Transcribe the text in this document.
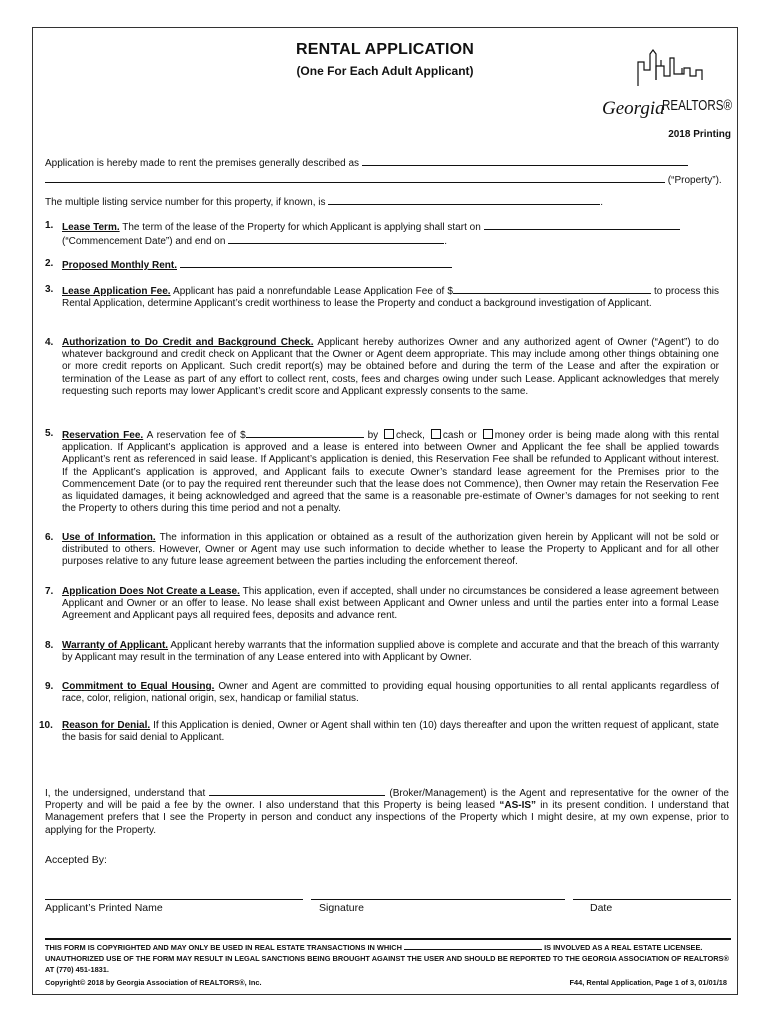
RENTAL APPLICATION
(One For Each Adult Applicant)
Georgia
REALTORS®
2018 Printing
Application is hereby made to rent the premises generally described as
(“Property”).
The multiple listing service number for this property, if known, is	.
1. Lease Term. The term of the lease of the Property for which Applicant is applying shall start on
(“Commencement Date”) and end on	.
2. Proposed Monthly Rent.
3. Lease Application Fee. Applicant has paid a nonrefundable Lease Application Fee of $	to process this Rental Application, determine Applicant’s credit worthiness to lease the Property and conduct a background investigation of Applicant.
4. Authorization to Do Credit and Background Check. Applicant hereby authorizes Owner and any authorized agent of Owner (“Agent”) to do whatever background and credit check on Applicant that the Owner or Agent deem appropriate. This may include among other things obtaining one or more credit reports on Applicant. Such credit report(s) may be obtained before and during the term of the Lease and after the expiration or termination of the Lease as part of any effort to collect rent, costs, fees and charges owing under such Lease. Applicant acknowledges that merely requesting such reports may lower Applicant’s credit score and Applicant expressly consents to the same.
5. Reservation Fee. A reservation fee of $	by check, cash or money order is being made along with this rental application. If Applicant’s application is approved and a lease is entered into between Owner and Applicant the fee shall be applied towards Applicant’s rent as referenced in said lease. If Applicant’s application is denied, this Reservation Fee shall be refunded to Applicant without interest. If the Applicant’s application is approved, and Applicant fails to execute Owner’s standard lease agreement for the Premises prior to the Commencement Date (or to pay the required rent thereunder such that the lease does not Commence), then Owner may retain the Reservation Fee as liquidated damages, it being acknowledged and agreed that the same is a reasonable pre-estimate of Owner’s damages for not seeking to rent the Property to others during this time period and not a penalty.
6. Use of Information. The information in this application or obtained as a result of the authorization given herein by Applicant will not be sold or distributed to others. However, Owner or Agent may use such information to decide whether to lease the Property to Applicant and for all other purposes relative to any future lease agreement between the parties including the enforcement thereof.
7. Application Does Not Create a Lease. This application, even if accepted, shall under no circumstances be considered a lease agreement between Applicant and Owner or an offer to lease. No lease shall exist between Applicant and Owner unless and until the parties enter into a formal Lease Agreement and Applicant pays all required fees, deposits and advance rent.
8. Warranty of Applicant. Applicant hereby warrants that the information supplied above is complete and accurate and that the breach of this warranty by Applicant may result in the termination of any Lease entered into with Applicant by Owner.
9. Commitment to Equal Housing. Owner and Agent are committed to providing equal housing opportunities to all rental applicants regardless of race, color, religion, national origin, sex, handicap or familial status.
10. Reason for Denial. If this Application is denied, Owner or Agent shall within ten (10) days thereafter and upon the written request of applicant, state the basis for said denial to Applicant.
I, the undersigned, understand that	(Broker/Management) is the Agent and representative for the owner of the Property and will be paid a fee by the owner. I also understand that this Property is being leased “AS-IS” in its present condition. I understand that Management prefers that I see the Property in person and conduct any inspections of the Property which I might desire, at my own expense, prior to applying for the Property.
Accepted By:
Applicant’s Printed Name	Signature	Date
THIS FORM IS COPYRIGHTED AND MAY ONLY BE USED IN REAL ESTATE TRANSACTIONS IN WHICH	IS INVOLVED AS A REAL ESTATE LICENSEE. UNAUTHORIZED USE OF THE FORM MAY RESULT IN LEGAL SANCTIONS BEING BROUGHT AGAINST THE USER AND SHOULD BE REPORTED TO THE GEORGIA ASSOCIATION OF REALTORS® AT (770) 451-1831.
Copyright© 2018 by Georgia Association of REALTORS®, Inc.	F44, Rental Application, Page 1 of 3, 01/01/18
